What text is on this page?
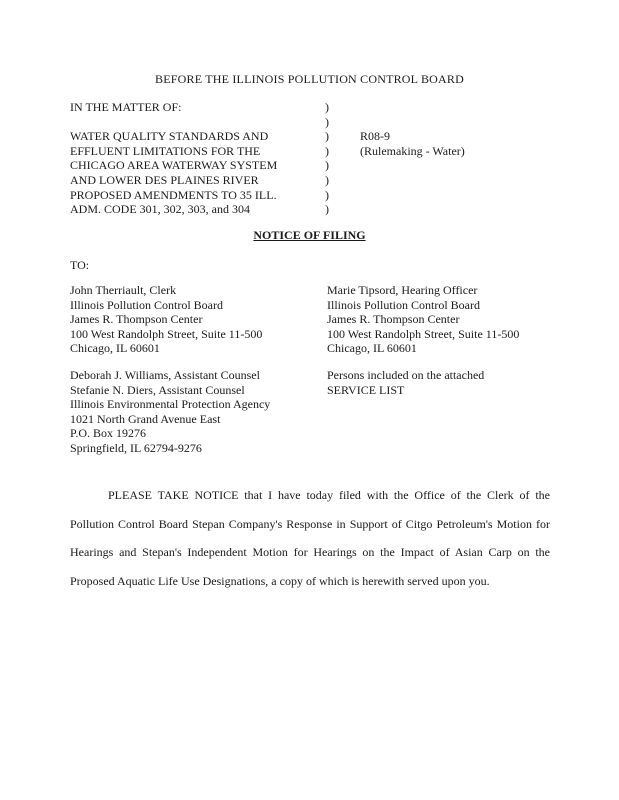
BEFORE THE ILLINOIS POLLUTION CONTROL BOARD
IN THE MATTER OF:

WATER QUALITY STANDARDS AND
EFFLUENT LIMITATIONS FOR THE
CHICAGO AREA WATERWAY SYSTEM
AND LOWER DES PLAINES RIVER
PROPOSED AMENDMENTS TO 35 ILL.
ADM. CODE 301, 302, 303, and 304
)
)
)
)
)
)
)
)
R08-9
(Rulemaking - Water)
NOTICE OF FILING
TO:
John Therriault, Clerk
Illinois Pollution Control Board
James R. Thompson Center
100 West Randolph Street, Suite 11-500
Chicago, IL 60601
Marie Tipsord, Hearing Officer
Illinois Pollution Control Board
James R. Thompson Center
100 West Randolph Street, Suite 11-500
Chicago, IL 60601
Deborah J. Williams, Assistant Counsel
Stefanie N. Diers, Assistant Counsel
Illinois Environmental Protection Agency
1021 North Grand Avenue East
P.O. Box 19276
Springfield, IL 62794-9276
Persons included on the attached
SERVICE LIST

PLEASE TAKE NOTICE that I have today filed with the Office of the Clerk of the Pollution Control Board Stepan Company's Response in Support of Citgo Petroleum's Motion for Hearings and Stepan's Independent Motion for Hearings on the Impact of Asian Carp on the Proposed Aquatic Life Use Designations, a copy of which is herewith served upon you.
